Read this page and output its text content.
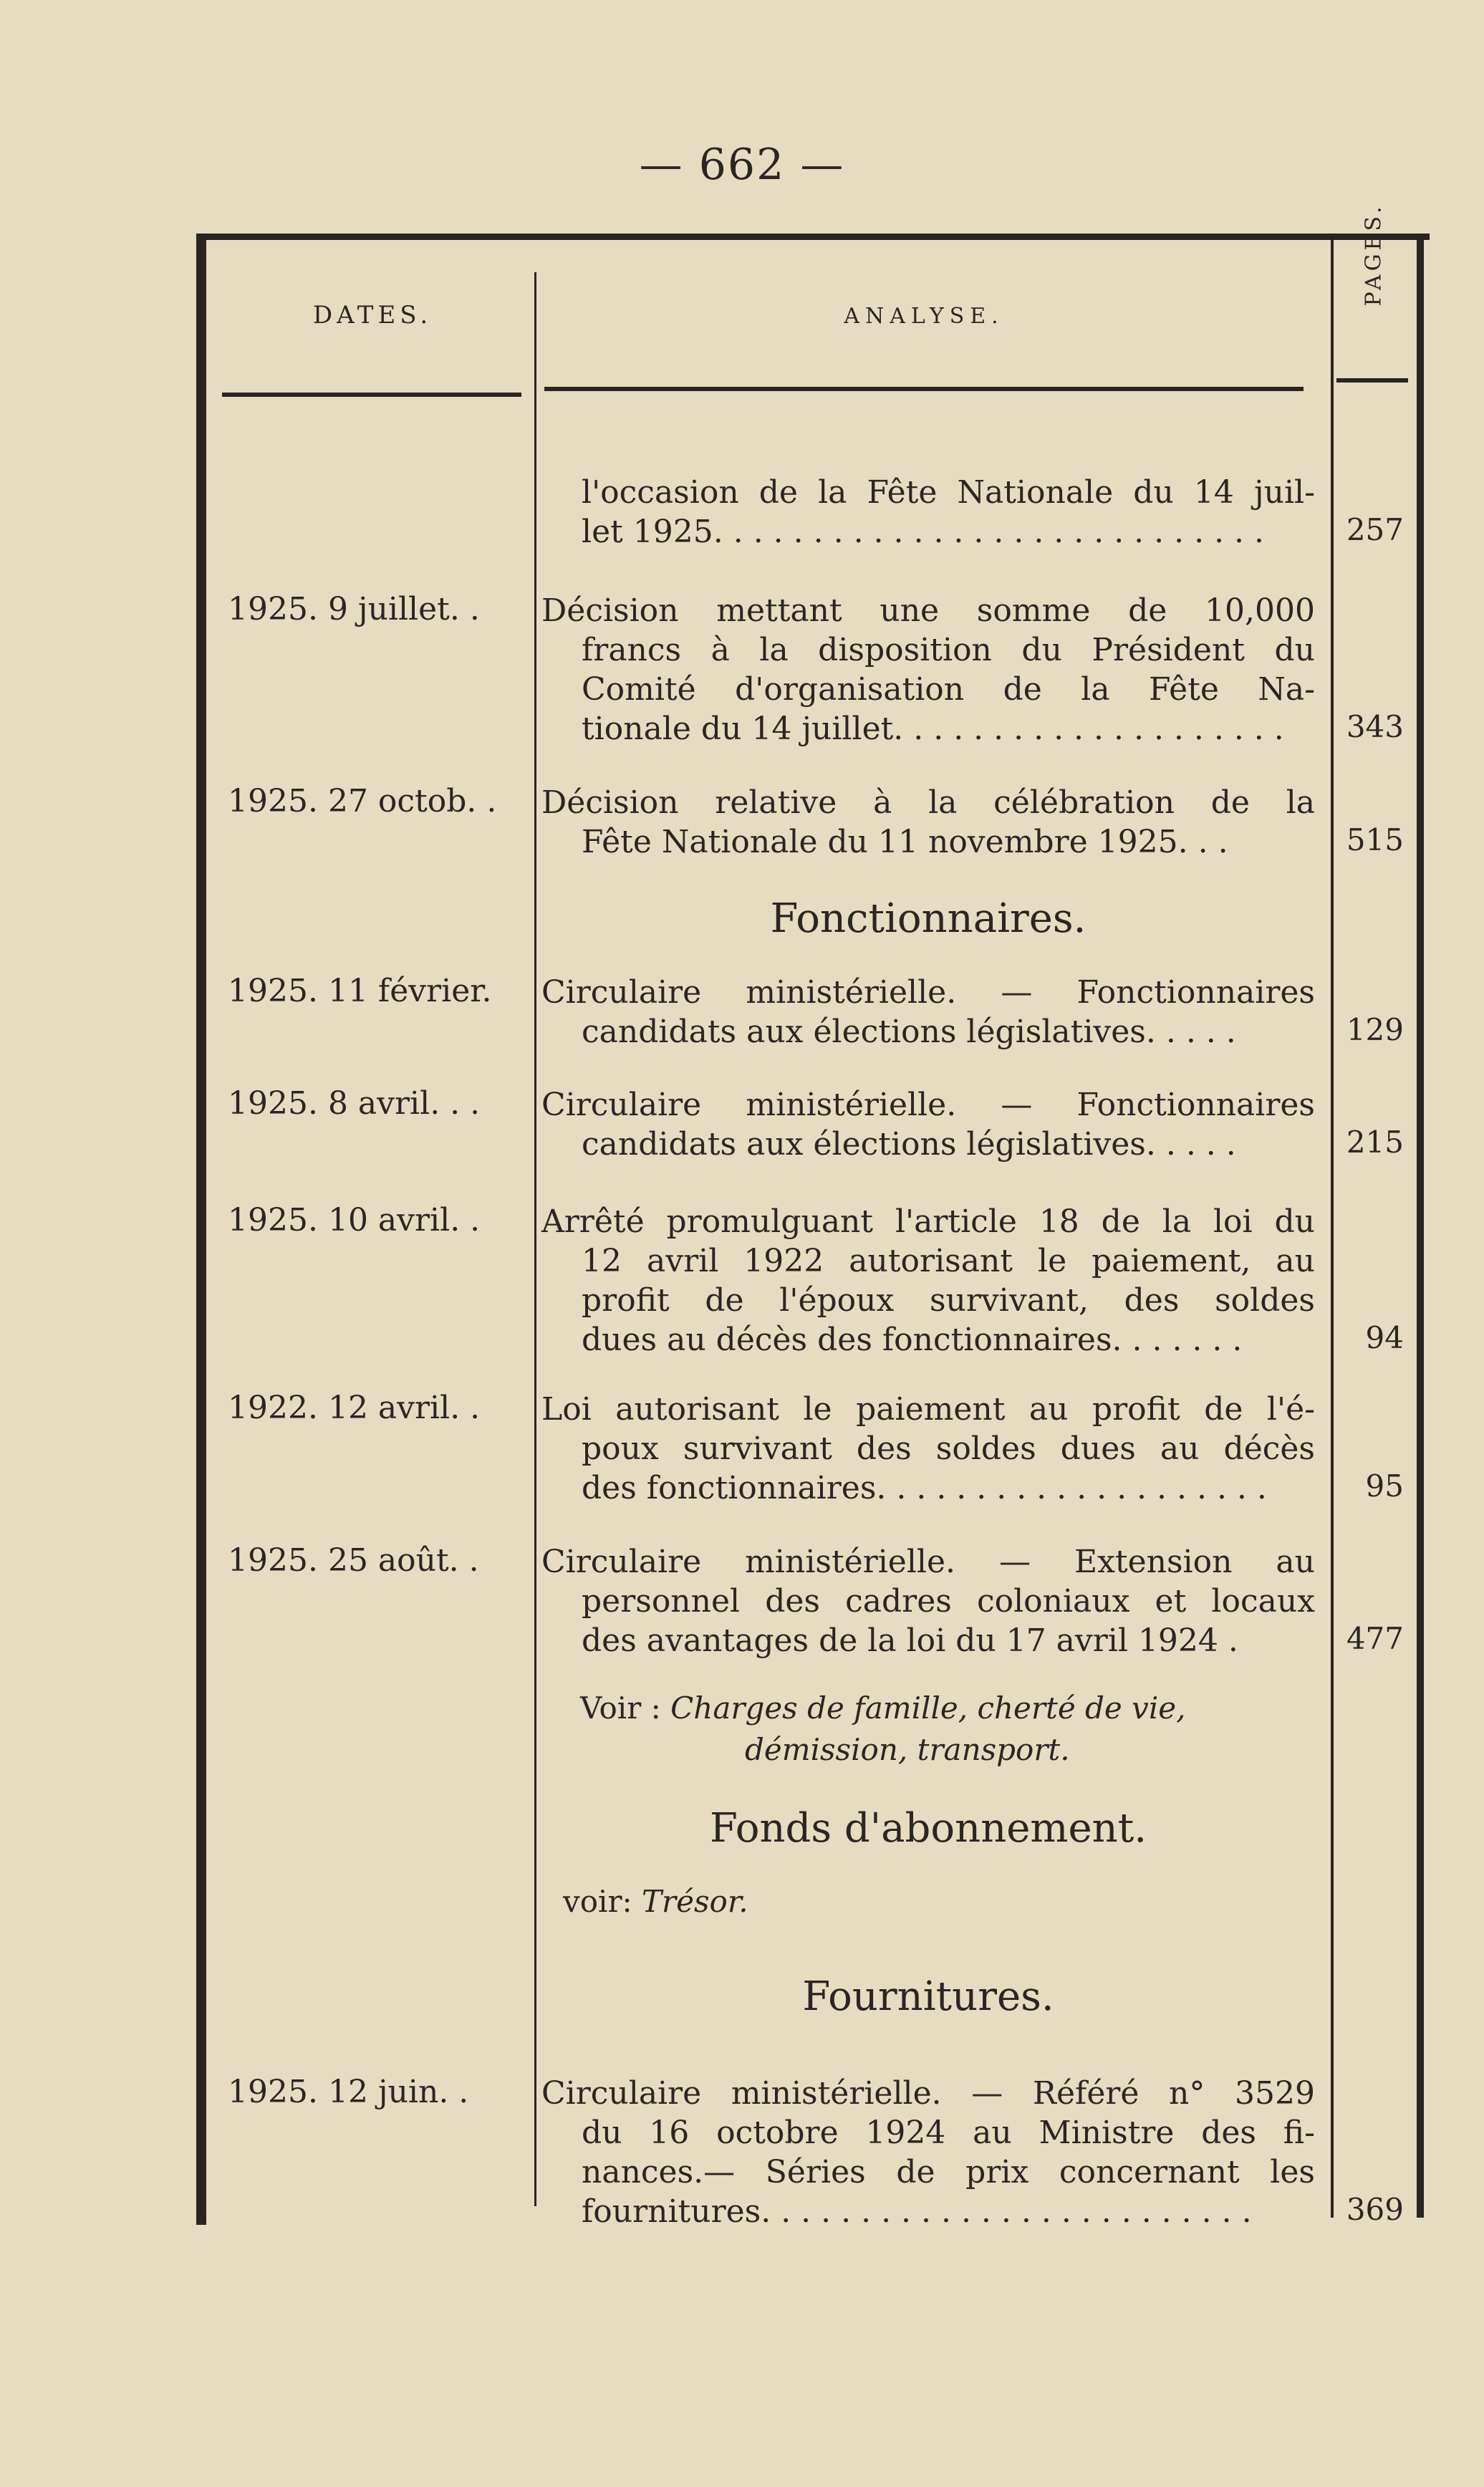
— 662 —
DATES.	ANALYSE.
PAGES.
l'occasion de la Fête Nationale du 14 juil-
let 1925. . . . . . . . . . . . . . . . . . . . . . . . . . . .	257
1925. 9 juillet. .	Décision mettant une somme de 10,000
francs à la disposition du Président du
Comité d'organisation de la Fête Na-
tionale du 14 juillet. . . . . . . . . . . . . . . . . . . .	343
1925. 27 octob. .	Décision relative à la célébration de la
Fête Nationale du 11 novembre 1925. . .	515
Fonctionnaires.
1925. 11 février.	Circulaire ministérielle. — Fonctionnaires
candidats aux élections législatives. . . . .	129
1925. 8 avril. . .	Circulaire ministérielle. — Fonctionnaires
candidats aux élections législatives. . . . .	215
1925. 10 avril. .	Arrêté promulguant l'article 18 de la loi du
12 avril 1922 autorisant le paiement, au
profit de l'époux survivant, des soldes
dues au décès des fonctionnaires. . . . . . .	94
1922. 12 avril. .	Loi autorisant le paiement au profit de l'é-
poux survivant des soldes dues au décès
des fonctionnaires. . . . . . . . . . . . . . . . . . . .	95
1925. 25 août. .	Circulaire ministérielle. — Extension au
personnel des cadres coloniaux et locaux
des avantages de la loi du 17 avril 1924 .	477
Voir : Charges de famille, cherté de vie,
démission, transport.
Fonds d'abonnement.
voir: Trésor.
Fournitures.
1925. 12 juin. .	Circulaire ministérielle. — Référé n° 3529
du 16 octobre 1924 au Ministre des fi-
nances.— Séries de prix concernant les
fournitures. . . . . . . . . . . . . . . . . . . . . . . . .	369
